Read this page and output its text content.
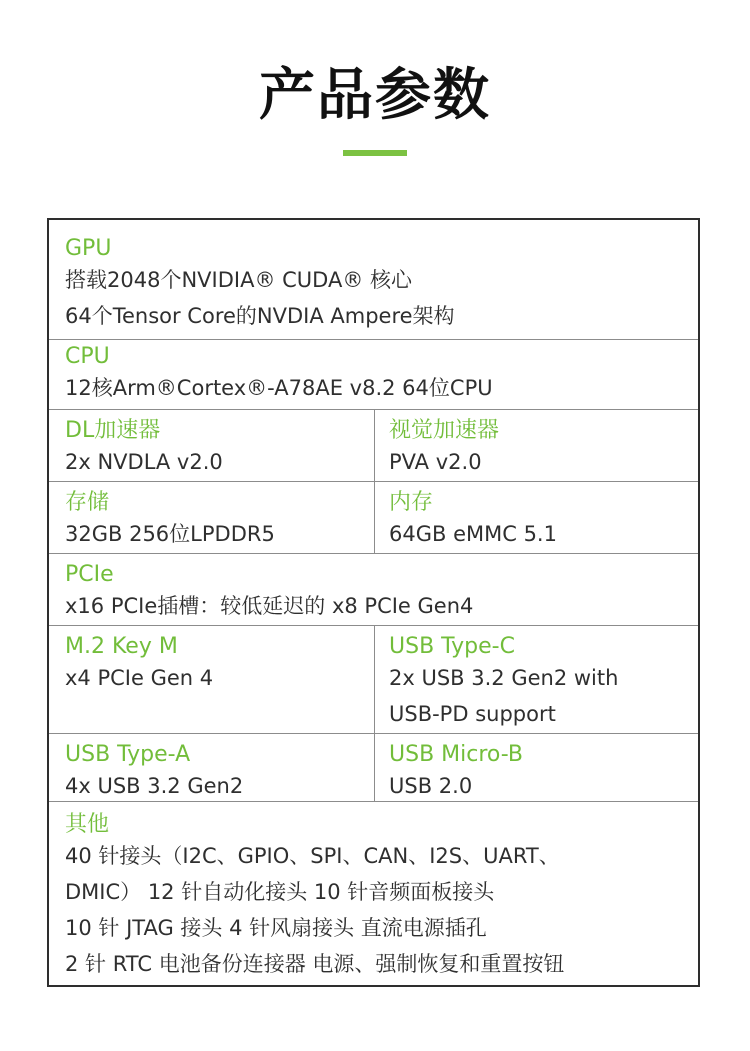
产品参数
GPU
搭载2048个NVIDIA® CUDA® 核心
64个Tensor Core的NVDIA Ampere架构
CPU
12核Arm®Cortex®-A78AE v8.2 64位CPU
DL加速器
2x NVDLA v2.0
视觉加速器
PVA v2.0
存储
32GB 256位LPDDR5
内存
64GB eMMC 5.1
PCIe
x16 PCIe插槽：较低延迟的 x8 PCIe Gen4
M.2 Key M
x4 PCIe Gen 4
USB Type-C
2x USB 3.2 Gen2 with
USB-PD support
USB Type-A
4x USB 3.2 Gen2
USB Micro-B
USB 2.0
其他
40 针接头（I2C、GPIO、SPI、CAN、I2S、UART、
DMIC） 12 针自动化接头 10 针音频面板接头
10 针 JTAG 接头 4 针风扇接头 直流电源插孔
2 针 RTC 电池备份连接器 电源、强制恢复和重置按钮
